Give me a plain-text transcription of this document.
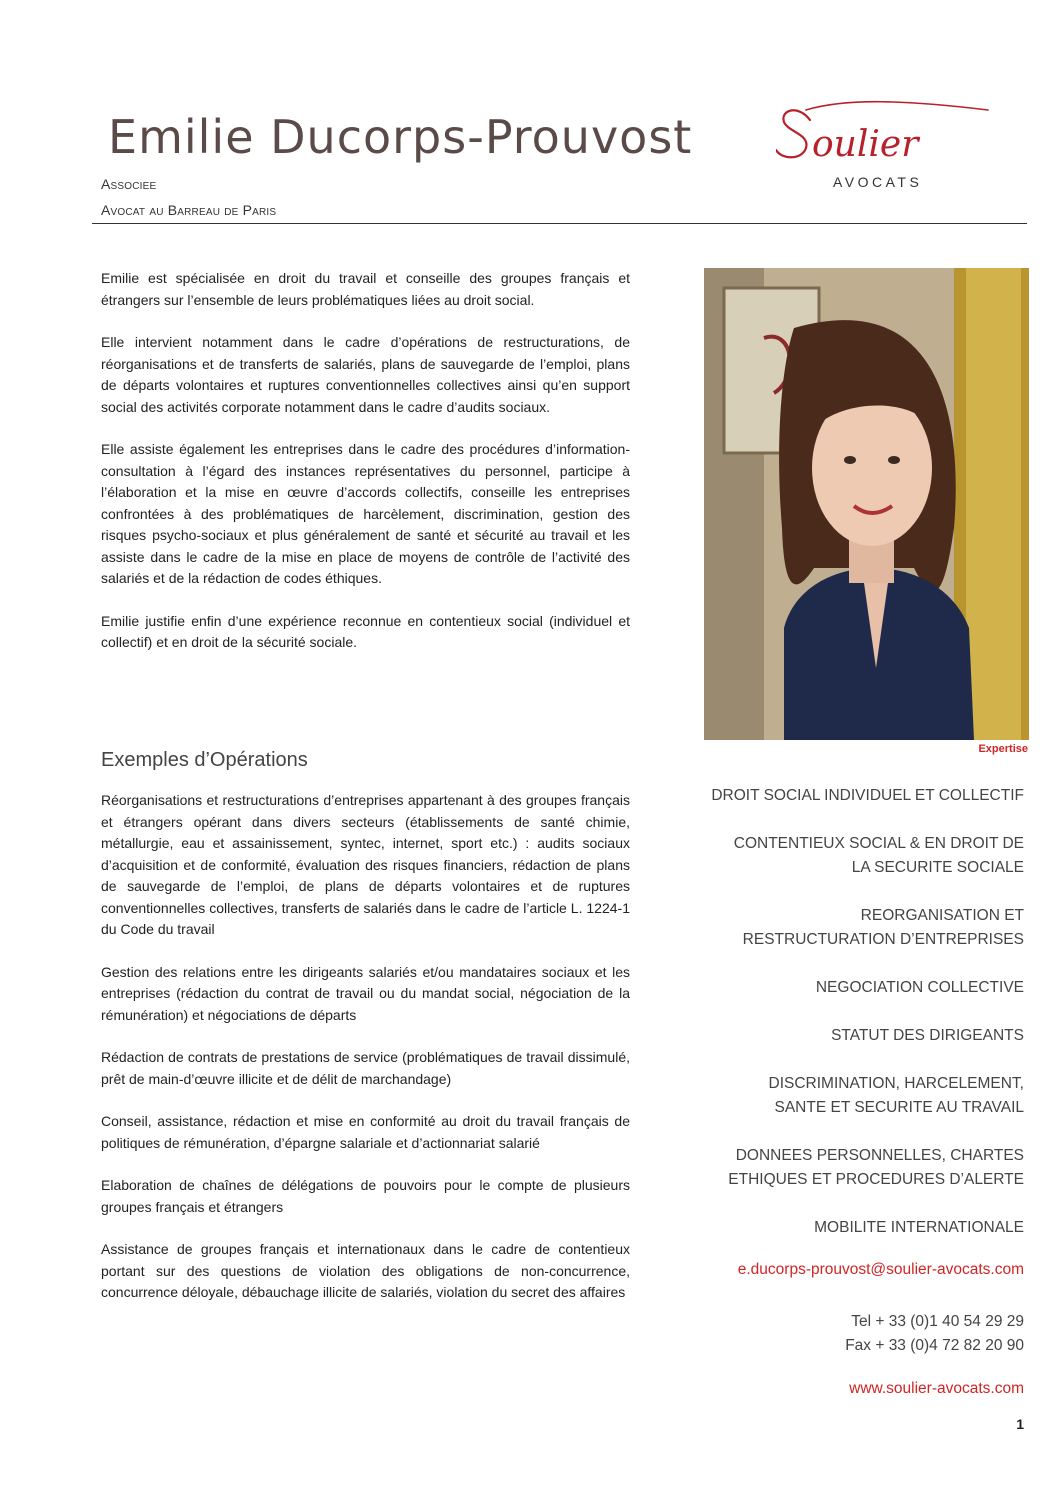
Emilie Ducorps-Prouvost
Associee
Avocat au Barreau de Paris
oulier
AVOCATS

Emilie est spécialisée en droit du travail et conseille des groupes français et étrangers sur l’ensemble de leurs problématiques liées au droit social.

Elle intervient notamment dans le cadre d’opérations de restructurations, de réorganisations et de transferts de salariés, plans de sauvegarde de l’emploi, plans de départs volontaires et ruptures conventionnelles collectives ainsi qu’en support social des activités corporate notamment dans le cadre d’audits sociaux.

Elle assiste également les entreprises dans le cadre des procédures d’information-consultation à l’égard des instances représentatives du personnel, participe à l’élaboration et la mise en œuvre d’accords collectifs, conseille les entreprises confrontées à des problématiques de harcèlement, discrimination, gestion des risques psycho-sociaux et plus généralement de santé et sécurité au travail et les assiste dans le cadre de la mise en place de moyens de contrôle de l’activité des salariés et de la rédaction de codes éthiques.

Emilie justifie enfin d’une expérience reconnue en contentieux social (individuel et collectif) et en droit de la sécurité sociale.

Expertise
Exemples d’Opérations

Réorganisations et restructurations d’entreprises appartenant à des groupes français et étrangers opérant dans divers secteurs (établissements de santé chimie, métallurgie, eau et assainissement, syntec, internet, sport etc.) : audits sociaux d’acquisition et de conformité, évaluation des risques financiers, rédaction de plans de sauvegarde de l’emploi, de plans de départs volontaires et de ruptures conventionnelles collectives, transferts de salariés dans le cadre de l’article L. 1224-1 du Code du travail

Gestion des relations entre les dirigeants salariés et/ou mandataires sociaux et les entreprises (rédaction du contrat de travail ou du mandat social, négociation de la rémunération) et négociations de départs

Rédaction de contrats de prestations de service (problématiques de travail dissimulé, prêt de main-d’œuvre illicite et de délit de marchandage)

Conseil, assistance, rédaction et mise en conformité au droit du travail français de politiques de rémunération, d’épargne salariale et d’actionnariat salarié

Elaboration de chaînes de délégations de pouvoirs pour le compte de plusieurs groupes français et étrangers

Assistance de groupes français et internationaux dans le cadre de contentieux portant sur des questions de violation des obligations de non-concurrence, concurrence déloyale, débauchage illicite de salariés, violation du secret des affaires

DROIT SOCIAL INDIVIDUEL ET COLLECTIF
CONTENTIEUX SOCIAL & EN DROIT DE
LA SECURITE SOCIALE
REORGANISATION ET
RESTRUCTURATION D’ENTREPRISES
NEGOCIATION COLLECTIVE
STATUT DES DIRIGEANTS
DISCRIMINATION, HARCELEMENT,
SANTE ET SECURITE AU TRAVAIL
DONNEES PERSONNELLES, CHARTES
ETHIQUES ET PROCEDURES D’ALERTE
MOBILITE INTERNATIONALE
e.ducorps-prouvost@soulier-avocats.com
Tel + 33 (0)1 40 54 29 29
Fax + 33 (0)4 72 82 20 90
www.soulier-avocats.com
1
